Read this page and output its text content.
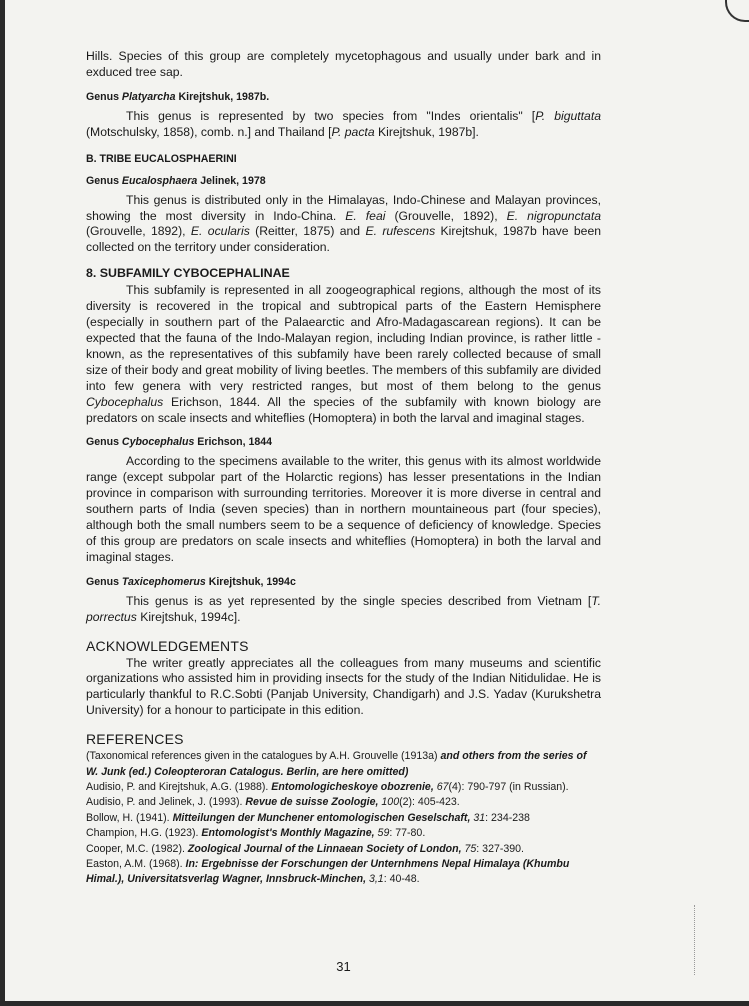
Hills. Species of this group are completely mycetophagous and usually under bark and in exduced tree sap.

Genus Platyarcha Kirejtshuk, 1987b.

This genus is represented by two species from "Indes orientalis" [P. biguttata (Motschulsky, 1858), comb. n.] and Thailand [P. pacta Kirejtshuk, 1987b].

B. TRIBE EUCALOSPHAERINI
Genus Eucalosphaera Jelinek, 1978

This genus is distributed only in the Himalayas, Indo-Chinese and Malayan provinces, showing the most diversity in Indo-China. E. feai (Grouvelle, 1892), E. nigropunctata (Grouvelle, 1892), E. ocularis (Reitter, 1875) and E. rufescens Kirejtshuk, 1987b have been collected on the territory under consideration.

8. SUBFAMILY CYBOCEPHALINAE

This subfamily is represented in all zoogeographical regions, although the most of its diversity is recovered in the tropical and subtropical parts of the Eastern Hemisphere (especially in southern part of the Palaearctic and Afro-Madagascarean regions). It can be expected that the fauna of the Indo-Malayan region, including Indian province, is rather little - known, as the representatives of this subfamily have been rarely collected because of small size of their body and great mobility of living beetles. The members of this subfamily are divided into few genera with very restricted ranges, but most of them belong to the genus Cybocephalus Erichson, 1844. All the species of the subfamily with known biology are predators on scale insects and whiteflies (Homoptera) in both the larval and imaginal stages.

Genus Cybocephalus Erichson, 1844

According to the specimens available to the writer, this genus with its almost worldwide range (except subpolar part of the Holarctic regions) has lesser presentations in the Indian province in comparison with surrounding territories. Moreover it is more diverse in central and southern parts of India (seven species) than in northern mountaineous part (four species), although both the small numbers seem to be a sequence of deficiency of knowledge. Species of this group are predators on scale insects and whiteflies (Homoptera) in both the larval and imaginal stages.

Genus Taxicephomerus Kirejtshuk, 1994c

This genus is as yet represented by the single species described from Vietnam [T. porrectus Kirejtshuk, 1994c].

ACKNOWLEDGEMENTS

The writer greatly appreciates all the colleagues from many museums and scientific organizations who assisted him in providing insects for the study of the Indian Nitidulidae. He is particularly thankful to R.C.Sobti (Panjab University, Chandigarh) and J.S. Yadav (Kurukshetra University) for a honour to participate in this edition.

REFERENCES

(Taxonomical references given in the catalogues by A.H. Grouvelle (1913a) and others from the series of W. Junk (ed.) Coleopteroran Catalogus. Berlin, are here omitted)

Audisio, P. and Kirejtshuk, A.G. (1988). Entomologicheskoye obozrenie, 67(4): 790-797 (in Russian).

Audisio, P. and Jelinek, J. (1993). Revue de suisse Zoologie, 100(2): 405-423.

Bollow, H. (1941). Mitteilungen der Munchener entomologischen Geselschaft, 31: 234-238

Champion, H.G. (1923). Entomologist's Monthly Magazine, 59: 77-80.

Cooper, M.C. (1982). Zoological Journal of the Linnaean Society of London, 75: 327-390.

Easton, A.M. (1968). In: Ergebnisse der Forschungen der Unternhmens Nepal Himalaya (Khumbu Himal.), Universitatsverlag Wagner, Innsbruck-Minchen, 3,1: 40-48.

31
